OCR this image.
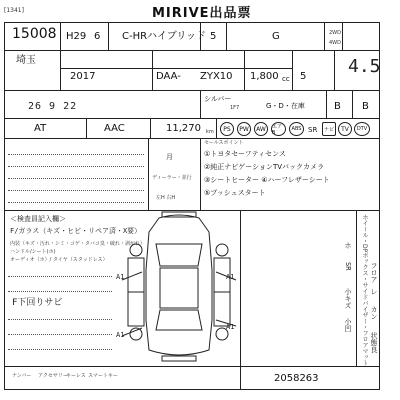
MIRIVE出品票
[1341]
15008 H29 6 C-HRハイブリッド 5	G	2WD
4WD
埼玉
2017	DAA- ZYX10 1,800 cc 5 4.5
26 9 22
シルバー
1F7	G・D・在庫	B B
AT	AAC	11,270 km	PS	PW	AW	エアB
ABS	ナビ	TV	DTV
SR
月
ディーラー・並行
左H 右H
セールスポイント
①トヨタセーフティセンス
②純正ナビゲーションTVバックカメラ
③シートヒーター ④ハーフレザーシート
⑤プッシュスタート
＜検査員記入欄＞
F/ガラス（キズ・ヒビ・リペア済・X要）
内装（キズ・汚れ・シミ・コゲ・タバコ臭・破れ・剥がれ）
ハンドル/シート(ホ)
オーディオ（ホ）/ タイヤ（スタッドレス）
F下回りサビ
A1	A1
A1
A1	ホイール・DPボックス・サイドバイザー・フロアマット
ホ
SR	フロア
レ
カン
小キズ
小凹
状態良
ナンバー アクセサリー
キーレス スマートキー	2058263
